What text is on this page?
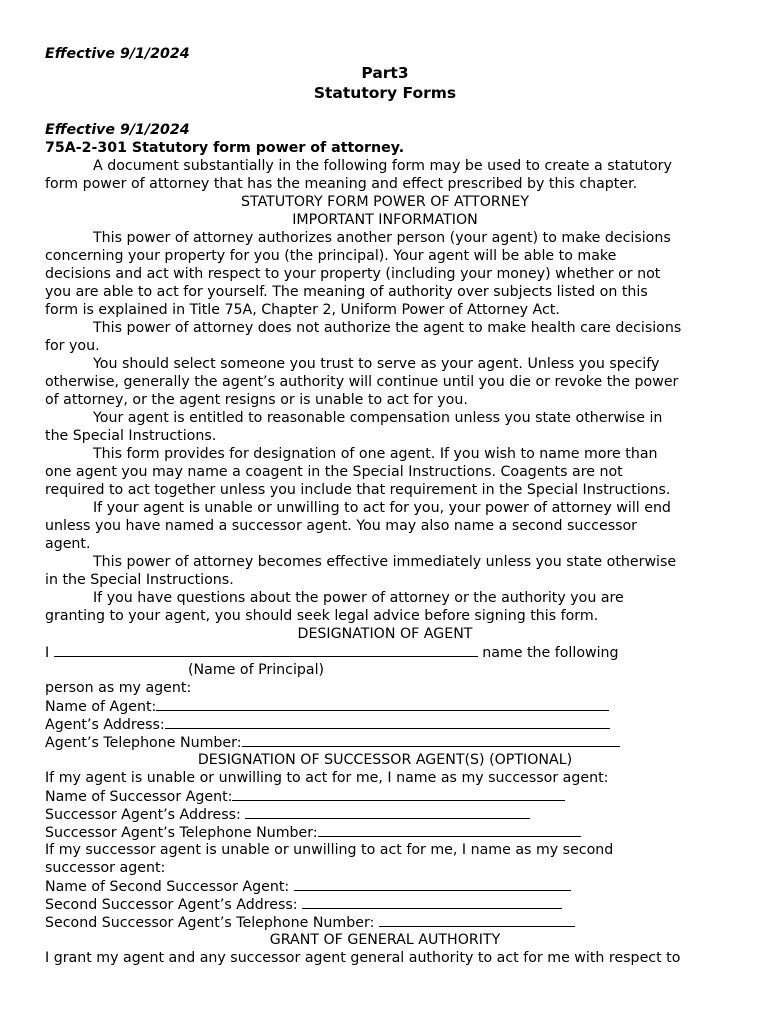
Effective 9/1/2024
Part3
Statutory Forms
Effective 9/1/2024
75A-2-301 Statutory form power of attorney.
A document substantially in the following form may be used to create a statutory
form power of attorney that has the meaning and effect prescribed by this chapter.
STATUTORY FORM POWER OF ATTORNEY
IMPORTANT INFORMATION
This power of attorney authorizes another person (your agent) to make decisions
concerning your property for you (the principal). Your agent will be able to make
decisions and act with respect to your property (including your money) whether or not
you are able to act for yourself. The meaning of authority over subjects listed on this
form is explained in Title 75A, Chapter 2, Uniform Power of Attorney Act.
This power of attorney does not authorize the agent to make health care decisions
for you.
You should select someone you trust to serve as your agent. Unless you specify
otherwise, generally the agent’s authority will continue until you die or revoke the power
of attorney, or the agent resigns or is unable to act for you.
Your agent is entitled to reasonable compensation unless you state otherwise in
the Special Instructions.
This form provides for designation of one agent. If you wish to name more than
one agent you may name a coagent in the Special Instructions. Coagents are not
required to act together unless you include that requirement in the Special Instructions.
If your agent is unable or unwilling to act for you, your power of attorney will end
unless you have named a successor agent. You may also name a second successor
agent.
This power of attorney becomes effective immediately unless you state otherwise
in the Special Instructions.
If you have questions about the power of attorney or the authority you are
granting to your agent, you should seek legal advice before signing this form.
DESIGNATION OF AGENT
I	name the following
(Name of Principal)
person as my agent:
Name of Agent:
Agent’s Address:
Agent’s Telephone Number:
DESIGNATION OF SUCCESSOR AGENT(S) (OPTIONAL)
If my agent is unable or unwilling to act for me, I name as my successor agent:
Name of Successor Agent:
Successor Agent’s Address:
Successor Agent’s Telephone Number:
If my successor agent is unable or unwilling to act for me, I name as my second
successor agent:
Name of Second Successor Agent:
Second Successor Agent’s Address:
Second Successor Agent’s Telephone Number:
GRANT OF GENERAL AUTHORITY
I grant my agent and any successor agent general authority to act for me with respect to
